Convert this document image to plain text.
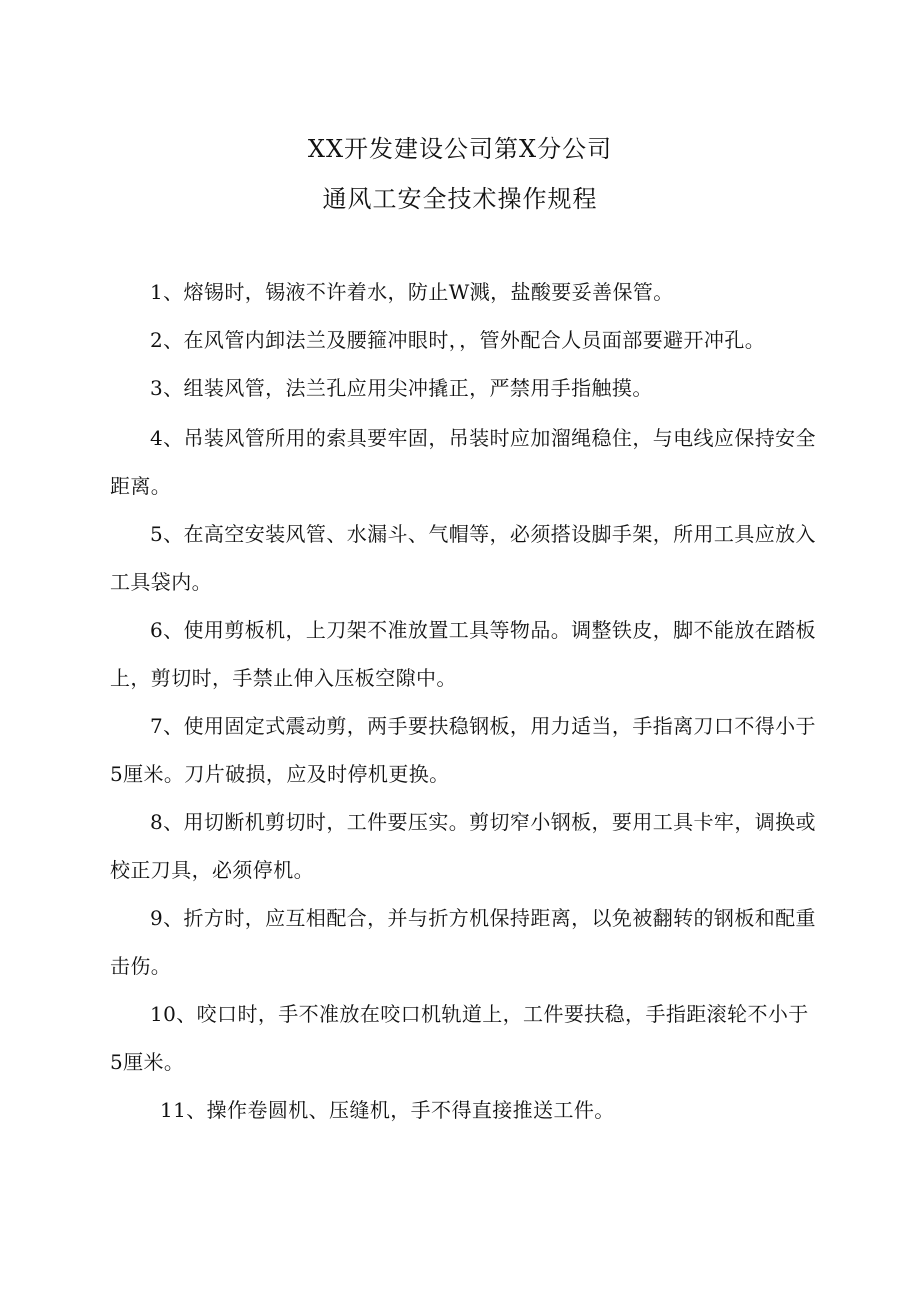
XX开发建设公司第X分公司
通风工安全技术操作规程
1、熔锡时，锡液不许着水，防止W溅，盐酸要妥善保管。
2、在风管内卸法兰及腰箍冲眼时，，管外配合人员面部要避开冲孔。
3、组装风管，法兰孔应用尖冲撬正，严禁用手指触摸。
4、吊装风管所用的索具要牢固，吊装时应加溜绳稳住，与电线应保持安全距离。
5、在高空安装风管、水漏斗、气帽等，必须搭设脚手架，所用工具应放入工具袋内。
6、使用剪板机，上刀架不准放置工具等物品。调整铁皮，脚不能放在踏板上，剪切时，手禁止伸入压板空隙中。
7、使用固定式震动剪，两手要扶稳钢板，用力适当，手指离刀口不得小于5厘米。刀片破损，应及时停机更换。
8、用切断机剪切时，工件要压实。剪切窄小钢板，要用工具卡牢，调换或校正刀具，必须停机。
9、折方时，应互相配合，并与折方机保持距离，以免被翻转的钢板和配重击伤。
10、咬口时，手不准放在咬口机轨道上，工件要扶稳，手指距滚轮不小于5厘米。
11、操作卷圆机、压缝机，手不得直接推送工件。
